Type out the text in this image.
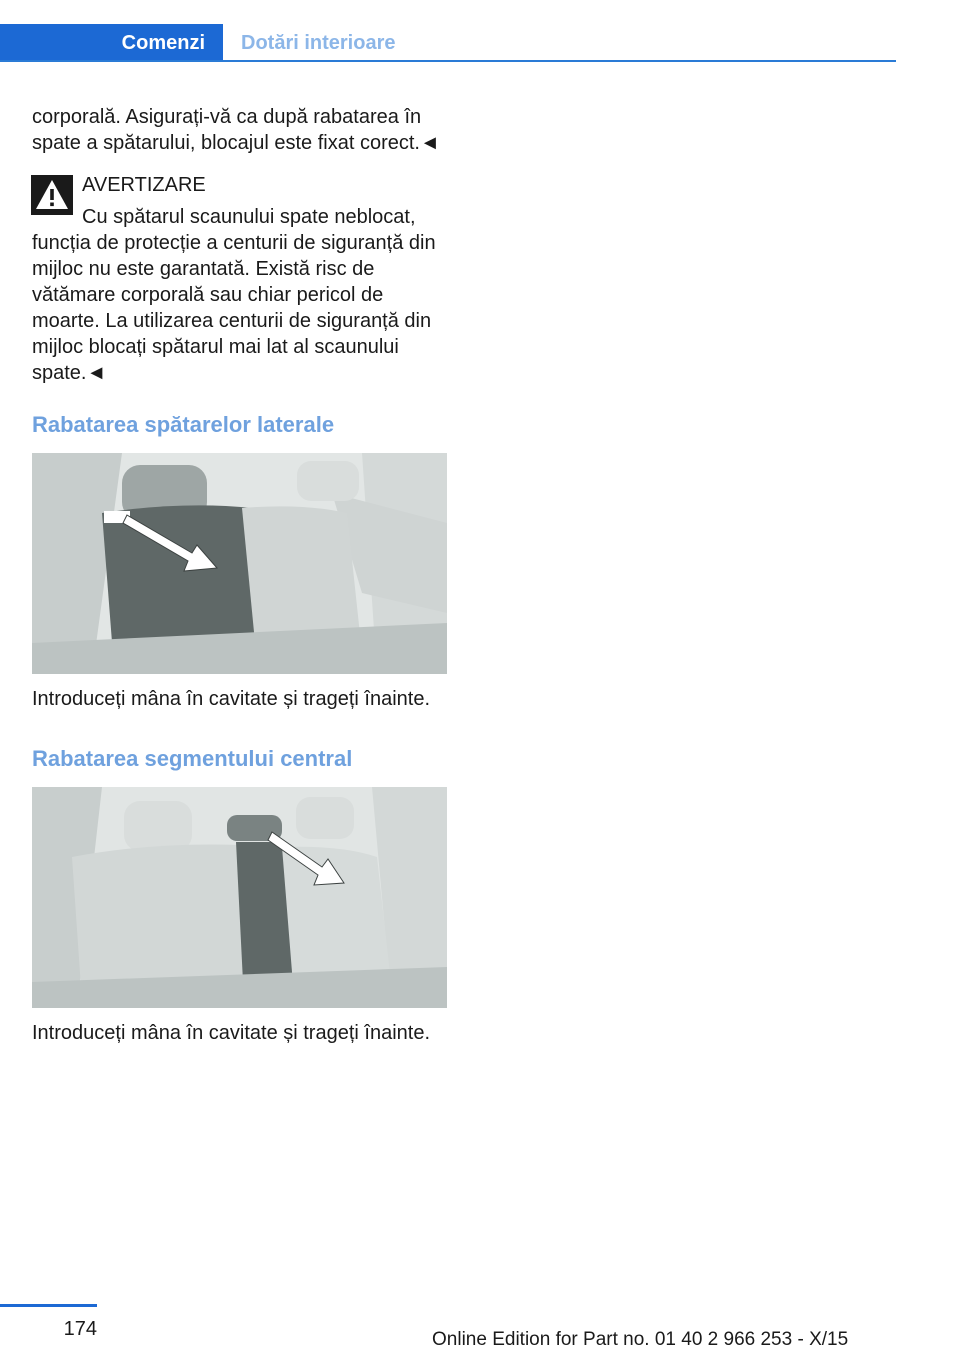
Comenzi	Dotări interioare
corporală. Asigurați-vă ca după rabatarea în spate a spătarului, blocajul este fixat corect.◄
AVERTIZARE
Cu spătarul scaunului spate neblocat, funcția de protecție a centurii de siguranță din mijloc nu este garantată. Există risc de vătămare corporală sau chiar pericol de moarte. La utilizarea centurii de siguranță din mijloc blocați spătarul mai lat al scaunului spate.◄
Rabatarea spătarelor laterale
Introduceți mâna în cavitate și trageți înainte.
Rabatarea segmentului central
Introduceți mâna în cavitate și trageți înainte.
174	Online Edition for Part no. 01 40 2 966 253 - X/15
